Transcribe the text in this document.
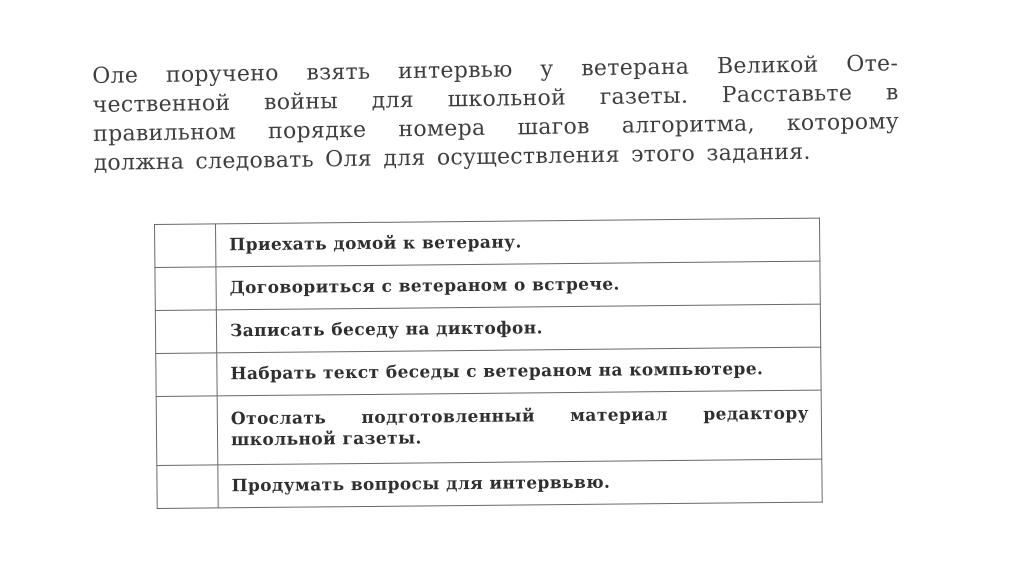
Оле поручено взять интервью у ветерана Великой Оте-
чественной войны для школьной газеты. Расставьте в
правильном порядке номера шагов алгоритма, которому
должна следовать Оля для осуществления этого задания.
	Приехать домой к ветерану.
	Договориться с ветераном о встрече.
	Записать беседу на диктофон.
	Набрать текст беседы с ветераном на компьютере.

	Отослать подготовленный материал редактору
школьной газеты.
	Продумать вопросы для интервьвю.
